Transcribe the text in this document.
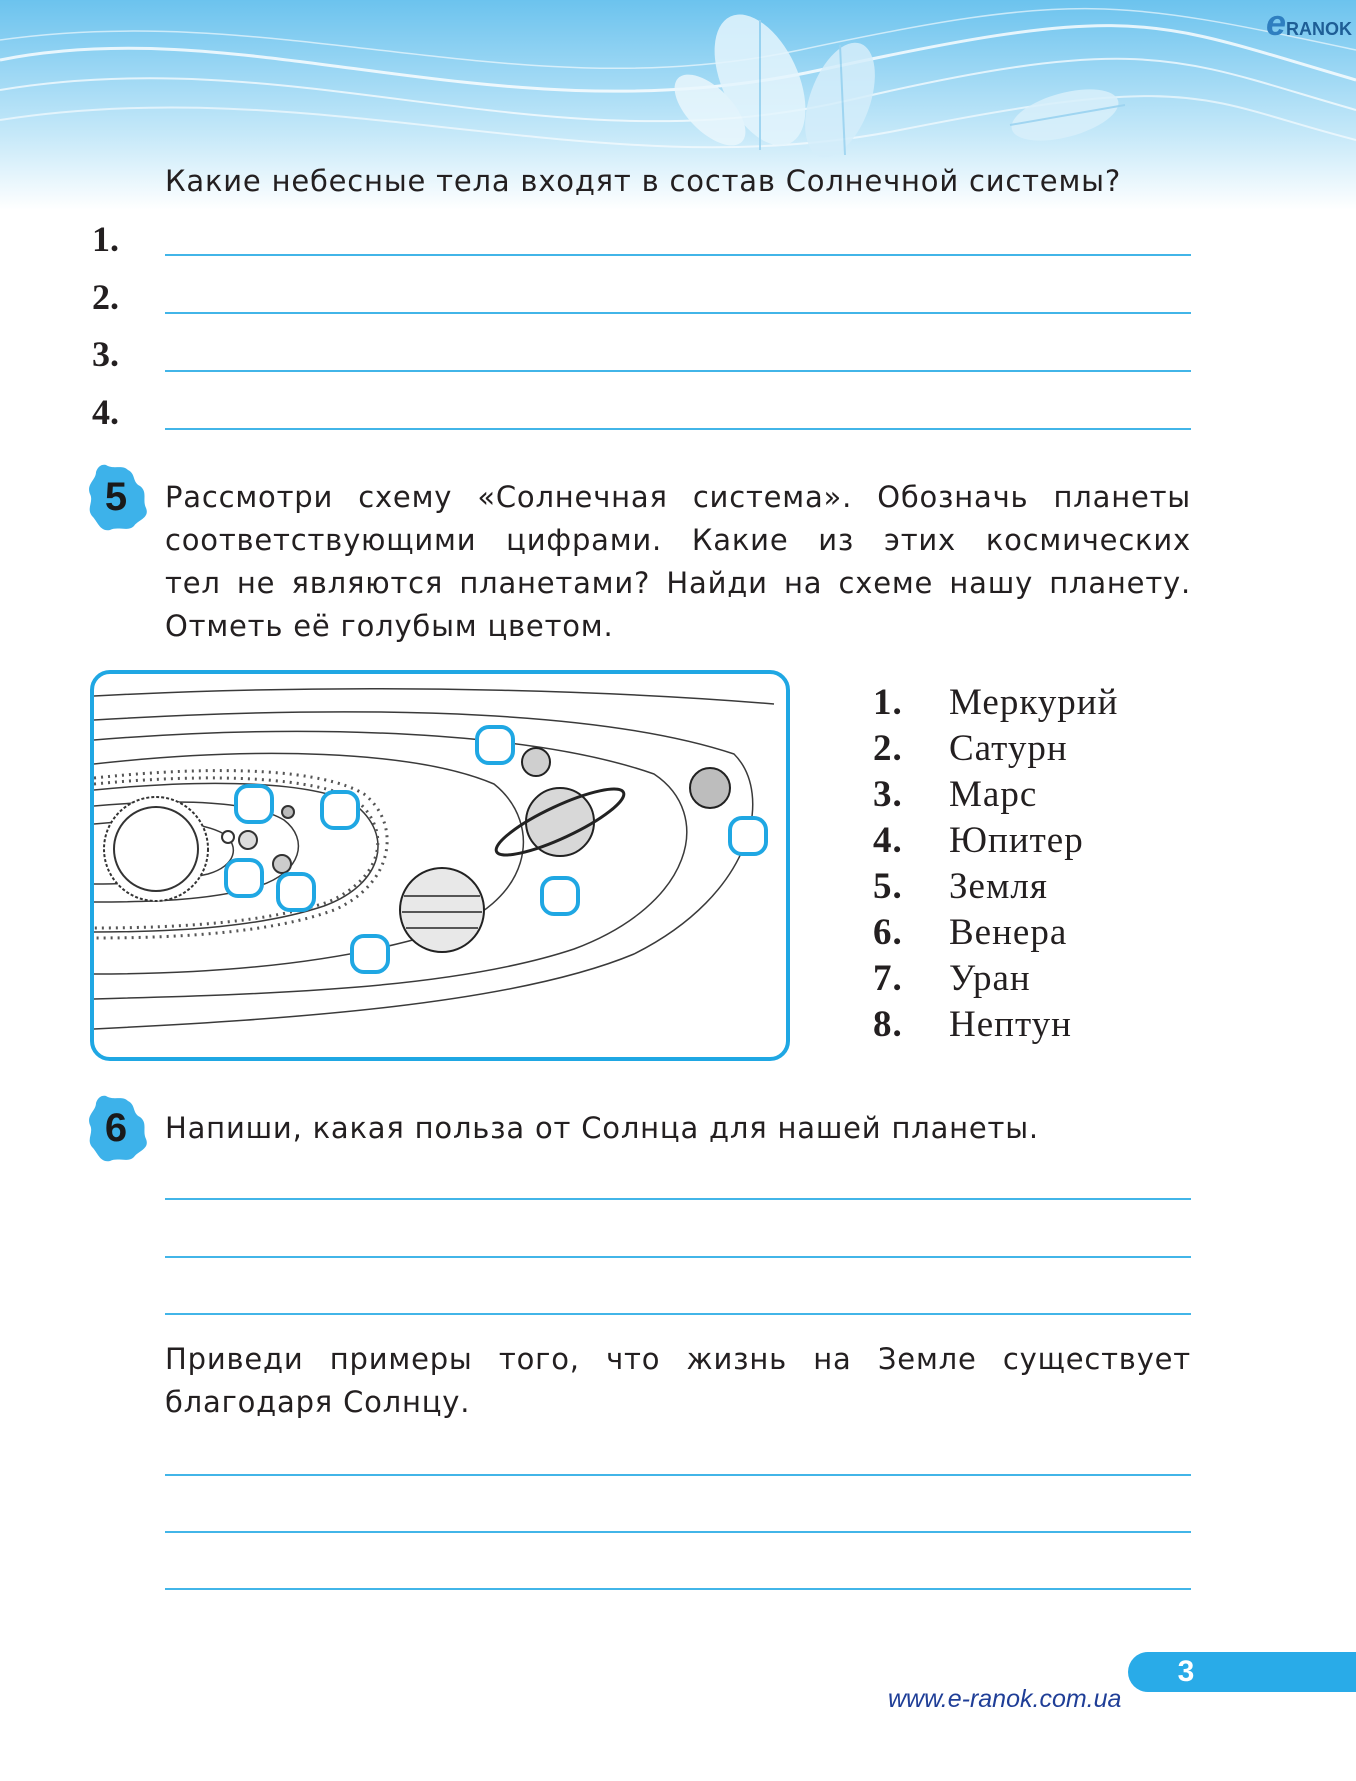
e RANOK
Какие небесные тела входят в состав Солнечной системы?
1.
2.
3.
4.
5	Рассмотри схему «Солнечная система». Обозначь планеты
соответствующими цифрами. Какие из этих космических
тел не являются планетами? Найди на схеме нашу планету.
Отметь её голубым цветом.
1.	Меркурий
2.	Сатурн
3.	Марс
4.	Юпитер
5.	Земля
6.	Венера
7.	Уран
8.	Нептун
6	Напиши, какая польза от Солнца для нашей планеты.
Приведи примеры того, что жизнь на Земле существует
благодаря Солнцу.
3
www.e-ranok.com.ua
